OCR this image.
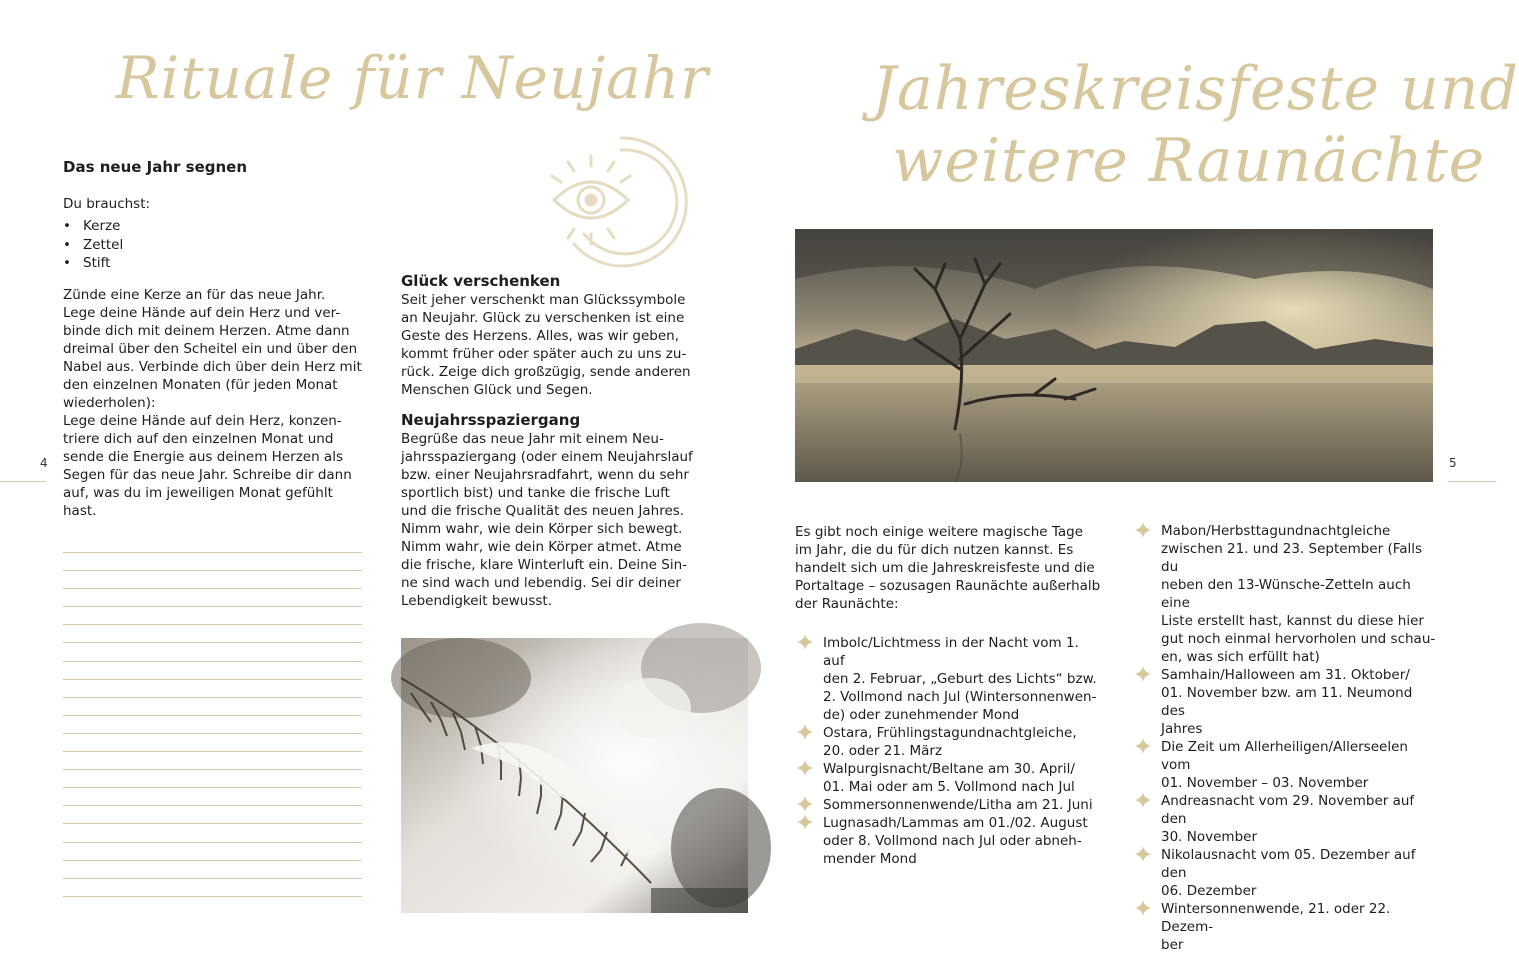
Rituale für Neujahr	Jahreskreisfeste und
weitere Raunächte
Das neue Jahr segnen
Du brauchst:
• Kerze
• Zettel
• Stift

Zünde eine Kerze an für das neue Jahr.

Lege deine Hände auf dein Herz und ver-

binde dich mit deinem Herzen. Atme dann

dreimal über den Scheitel ein und über den

Nabel aus. Verbinde dich über dein Herz mit

den einzelnen Monaten (für jeden Monat

wiederholen):

Lege deine Hände auf dein Herz, konzen-

triere dich auf den einzelnen Monat und

sende die Energie aus deinem Herzen als

Segen für das neue Jahr. Schreibe dir dann

auf, was du im jeweiligen Monat gefühlt

hast.

4	5
Glück verschenken
Seit jeher verschenkt man Glückssymbole
an Neujahr. Glück zu verschenken ist eine
Geste des Herzens. Alles, was wir geben,
kommt früher oder später auch zu uns zu-
rück. Zeige dich großzügig, sende anderen
Menschen Glück und Segen.
Neujahrsspaziergang
Begrüße das neue Jahr mit einem Neu-
jahrsspaziergang (oder einem Neujahrslauf
bzw. einer Neujahrsradfahrt, wenn du sehr
sportlich bist) und tanke die frische Luft
und die frische Qualität des neuen Jahres.
Nimm wahr, wie dein Körper sich bewegt.
Nimm wahr, wie dein Körper atmet. Atme
die frische, klare Winterluft ein. Deine Sin-
ne sind wach und lebendig. Sei dir deiner
Lebendigkeit bewusst.
Es gibt noch einige weitere magische Tage
im Jahr, die du für dich nutzen kannst. Es
handelt sich um die Jahreskreisfeste und die
Portaltage – sozusagen Raunächte außerhalb
der Raunächte:
Imbolc/Lichtmess in der Nacht vom 1. auf
den 2. Februar, „Geburt des Lichts“ bzw.
2. Vollmond nach Jul (Wintersonnenwen-
de) oder zunehmender Mond
Ostara, Frühlingstagundnachtgleiche,
20. oder 21. März
Walpurgisnacht/Beltane am 30. April/
01. Mai oder am 5. Vollmond nach Jul
Sommersonnenwende/Litha am 21. Juni
Lugnasadh/Lammas am 01./02. August
oder 8. Vollmond nach Jul oder abneh-
mender Mond
Mabon/Herbsttagundnachtgleiche
zwischen 21. und 23. September (Falls du
neben den 13-Wünsche-Zetteln auch eine
Liste erstellt hast, kannst du diese hier
gut noch einmal hervorholen und schau-
en, was sich erfüllt hat)
Samhain/Halloween am 31. Oktober/
01. November bzw. am 11. Neumond des
Jahres
Die Zeit um Allerheiligen/Allerseelen vom
01. November – 03. November
Andreasnacht vom 29. November auf den
30. November
Nikolausnacht vom 05. Dezember auf den
06. Dezember
Wintersonnenwende, 21. oder 22. Dezem-
ber
